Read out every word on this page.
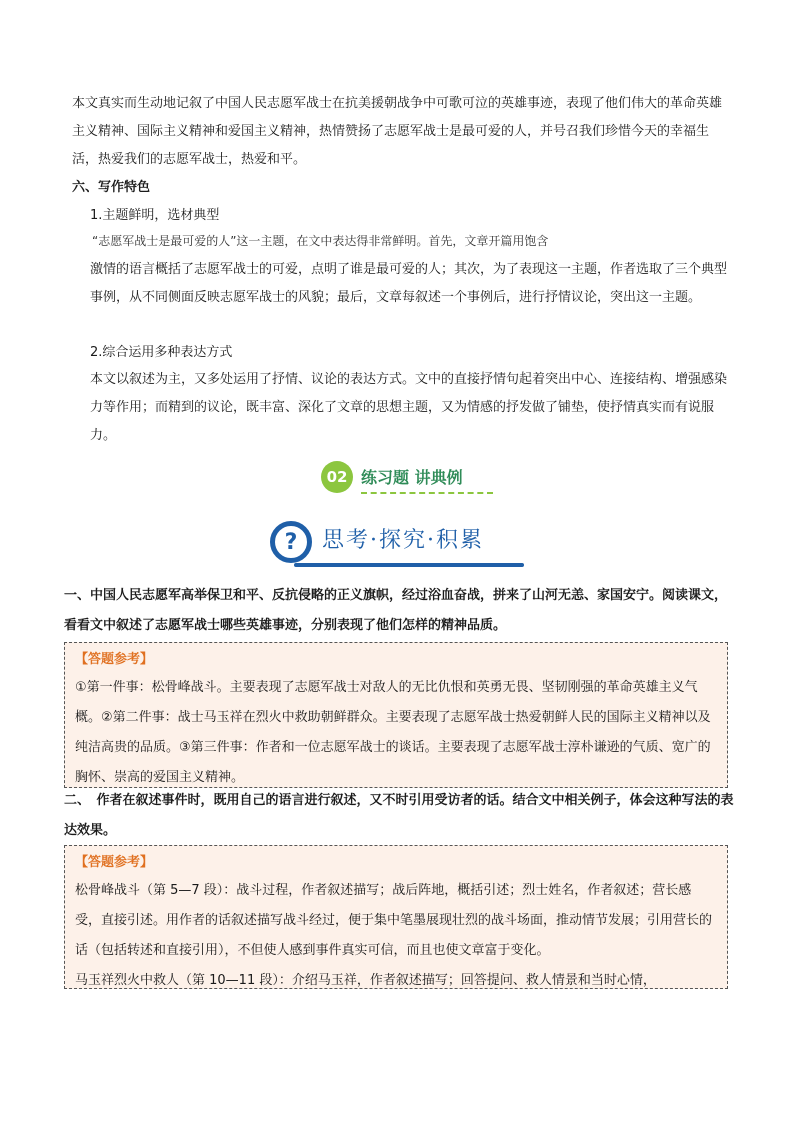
本文真实而生动地记叙了中国人民志愿军战士在抗美援朝战争中可歌可泣的英雄事迹，表现了他们伟大的革命英雄主义精神、国际主义精神和爱国主义精神，热情赞扬了志愿军战士是最可爱的人，并号召我们珍惜今天的幸福生活，热爱我们的志愿军战士，热爱和平。

六、写作特色
1.主题鲜明，选材典型
“志愿军战士是最可爱的人”这一主题，在文中表达得非常鲜明。首先，文章开篇用饱含

激情的语言概括了志愿军战士的可爱，点明了谁是最可爱的人；其次，为了表现这一主题，作者选取了三个典型事例，从不同侧面反映志愿军战士的风貌；最后，文章每叙述一个事例后，进行抒情议论，突出这一主题。

2.综合运用多种表达方式

本文以叙述为主，又多处运用了抒情、议论的表达方式。文中的直接抒情句起着突出中心、连接结构、增强感染力等作用；而精到的议论，既丰富、深化了文章的思想主题，又为情感的抒发做了铺垫，使抒情真实而有说服力。

02 练习题 讲典例
?	思考·探究·积累

一、中国人民志愿军高举保卫和平、反抗侵略的正义旗帜，经过浴血奋战，拼来了山河无恙、家国安宁。阅读课文，看看文中叙述了志愿军战士哪些英雄事迹，分别表现了他们怎样的精神品质。

【答题参考】

①第一件事：松骨峰战斗。主要表现了志愿军战士对敌人的无比仇恨和英勇无畏、坚韧刚强的革命英雄主义气概。②第二件事：战士马玉祥在烈火中救助朝鲜群众。主要表现了志愿军战士热爱朝鲜人民的国际主义精神以及纯洁高贵的品质。③第三件事：作者和一位志愿军战士的谈话。主要表现了志愿军战士淳朴谦逊的气质、宽广的胸怀、崇高的爱国主义精神。

二、　作者在叙述事件时，既用自己的语言进行叙述，又不时引用受访者的话。结合文中相关例子，体会这种写法的表达效果。

【答题参考】

松骨峰战斗（第 5—7 段）：战斗过程，作者叙述描写；战后阵地，概括引述；烈士姓名，作者叙述；营长感受，直接引述。用作者的话叙述描写战斗经过，便于集中笔墨展现壮烈的战斗场面，推动情节发展；引用营长的话（包括转述和直接引用），不但使人感到事件真实可信，而且也使文章富于变化。

马玉祥烈火中救人（第 10—11 段）：介绍马玉祥，作者叙述描写；回答提问、救人情景和当时心情，
